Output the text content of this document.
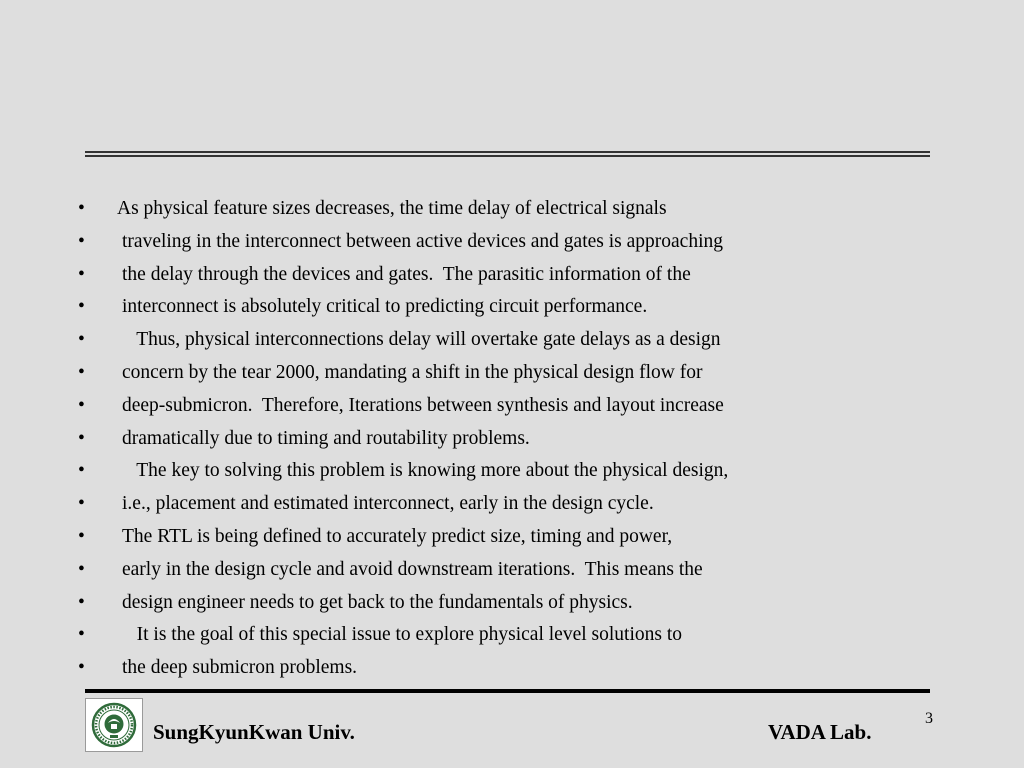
• As physical feature sizes decreases, the time delay of electrical signals
• traveling in the interconnect between active devices and gates is approaching
• the delay through the devices and gates.  The parasitic information of the
• interconnect is absolutely critical to predicting circuit performance.
• Thus, physical interconnections delay will overtake gate delays as a design
• concern by the tear 2000, mandating a shift in the physical design flow for
• deep-submicron.  Therefore, Iterations between synthesis and layout increase
• dramatically due to timing and routability problems.
• The key to solving this problem is knowing more about the physical design,
• i.e., placement and estimated interconnect, early in the design cycle.
• The RTL is being defined to accurately predict size, timing and power,
• early in the design cycle and avoid downstream iterations.  This means the
• design engineer needs to get back to the fundamentals of physics.
• It is the goal of this special issue to explore physical level solutions to
• the deep submicron problems.
SungKyunKwan Univ.	VADA Lab.
3
